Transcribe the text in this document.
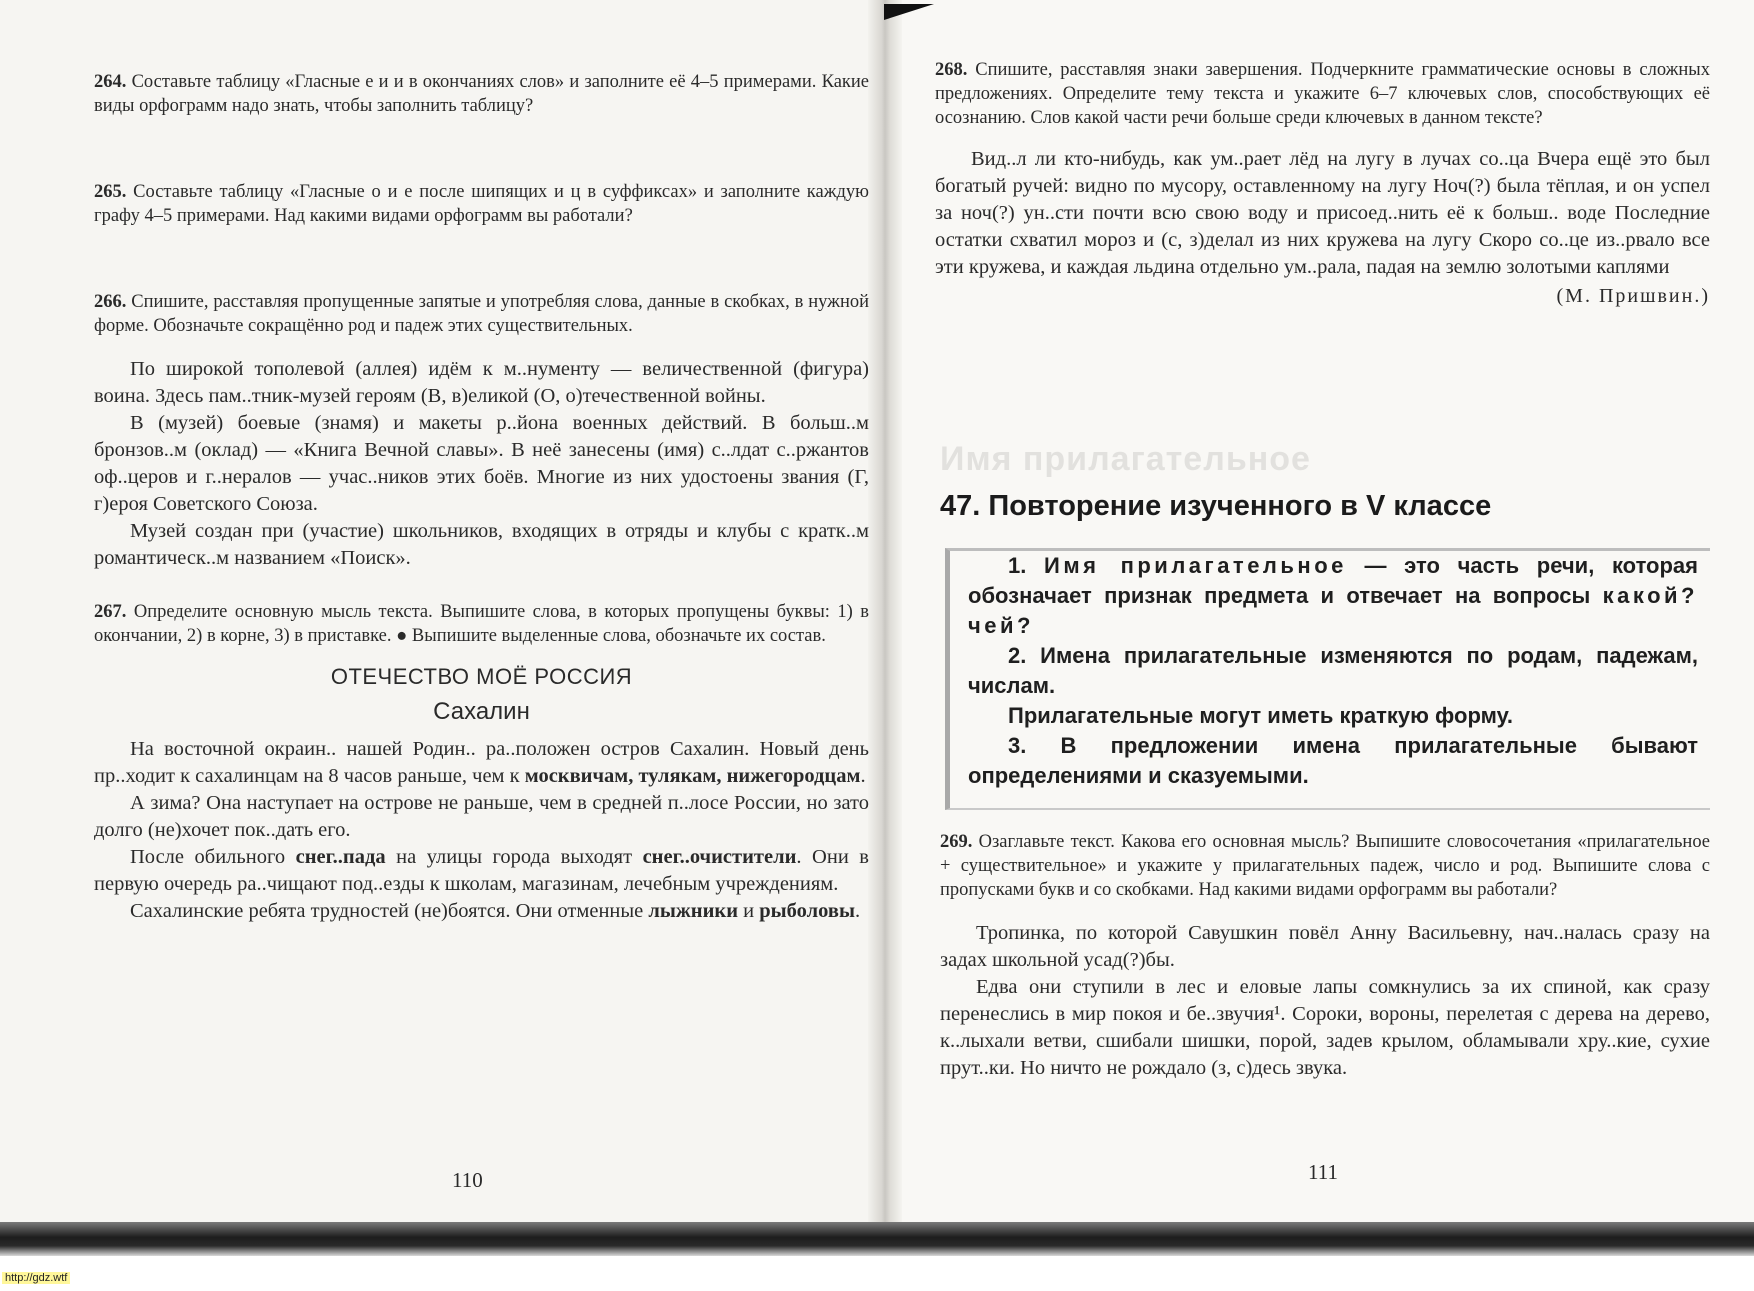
264. Составьте таблицу «Гласные е и и в окончаниях слов» и заполните её 4–5 примерами. Какие виды орфограмм надо знать, чтобы заполнить таблицу?

265. Составьте таблицу «Гласные о и е после шипящих и ц в суффиксах» и заполните каждую графу 4–5 примерами. Над какими видами орфограмм вы работали?

266. Спишите, расставляя пропущенные запятые и употребляя слова, данные в скобках, в нужной форме. Обозначьте сокращённо род и падеж этих существительных.

По широкой тополевой (аллея) идём к м..нументу — величественной (фигура) воина. Здесь пам..тник-музей героям (В, в)еликой (О, о)течественной войны.

В (музей) боевые (знамя) и макеты р..йона военных действий. В больш..м бронзов..м (оклад) — «Книга Вечной славы». В неё занесены (имя) с..лдат с..ржантов оф..церов и г..нералов — учас..ников этих боёв. Многие из них удостоены звания (Г, г)ероя Советского Союза.

Музей создан при (участие) школьников, входящих в отряды и клубы с кратк..м романтическ..м названием «Поиск».

267. Определите основную мысль текста. Выпишите слова, в которых пропущены буквы: 1) в окончании, 2) в корне, 3) в приставке. ● Выпишите выделенные слова, обозначьте их состав.

ОТЕЧЕСТВО МОЁ РОССИЯ
Сахалин

На восточной окраин.. нашей Родин.. ра..положен остров Сахалин. Новый день пр..ходит к сахалинцам на 8 часов раньше, чем к москвичам, тулякам, нижегородцам.

А зима? Она наступает на острове не раньше, чем в средней п..лосе России, но зато долго (не)хочет пок..дать его.

После обильного снег..пада на улицы города выходят снег..очистители. Они в первую очередь ра..чищают под..езды к школам, магазинам, лечебным учреждениям.

Сахалинские ребята трудностей (не)боятся. Они отменные лыжники и рыболовы.

110

268. Спишите, расставляя знаки завершения. Подчеркните грамматические основы в сложных предложениях. Определите тему текста и укажите 6–7 ключевых слов, способствующих её осознанию. Слов какой части речи больше среди ключевых в данном тексте?

Вид..л ли кто-нибудь, как ум..рает лёд на лугу в лучах со..ца Вчера ещё это был богатый ручей: видно по мусору, оставленному на лугу Ноч(?) была тёплая, и он успел за ноч(?) ун..сти почти всю свою воду и присоед..нить её к больш.. воде Последние остатки схватил мороз и (с, з)делал из них кружева на лугу Скоро со..це из..рвало все эти кружева, и каждая льдина отдельно ум..рала, падая на землю золотыми каплями

(М. Пришвин.)
Имя прилагательное
47. Повторение изученного в V классе

1. Имя прилагательное — это часть речи, которая обозначает признак предмета и отвечает на вопросы какой? чей?

2. Имена прилагательные изменяются по родам, падежам, числам.

Прилагательные могут иметь краткую форму.

3. В предложении имена прилагательные бывают определениями и сказуемыми.

269. Озаглавьте текст. Какова его основная мысль? Выпишите словосочетания «прилагательное + существительное» и укажите у прилагательных падеж, число и род. Выпишите слова с пропусками букв и со скобками. Над какими видами орфограмм вы работали?

Тропинка, по которой Савушкин повёл Анну Васильевну, нач..налась сразу на задах школьной усад(?)бы.

Едва они ступили в лес и еловые лапы сомкнулись за их спиной, как сразу перенеслись в мир покоя и бе..звучия¹. Сороки, вороны, перелетая с дерева на дерево, к..лыхали ветви, сшибали шишки, порой, задев крылом, обламывали хру..кие, сухие прут..ки. Но ничто не рождало (з, с)десь звука.

111
http://gdz.wtf
